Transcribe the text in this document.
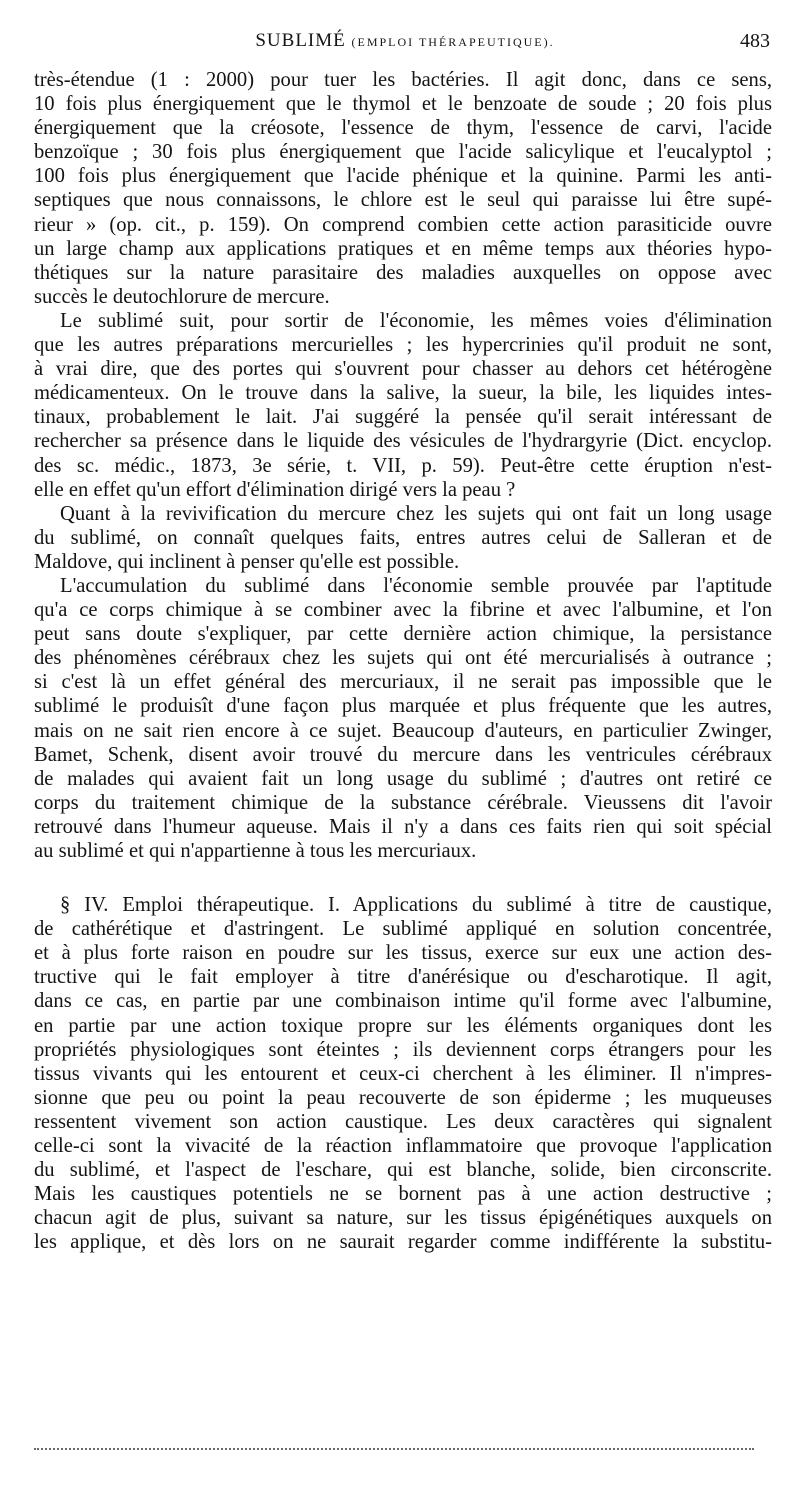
SUBLIMÉ (EMPLOI THÉRAPEUTIQUE).	483

très-étendue (1 : 2000) pour tuer les bactéries. Il agit donc, dans ce sens,
10 fois plus énergiquement que le thymol et le benzoate de soude ; 20 fois plus
énergiquement que la créosote, l'essence de thym, l'essence de carvi, l'acide
benzoïque ; 30 fois plus énergiquement que l'acide salicylique et l'eucalyptol ;
100 fois plus énergiquement que l'acide phénique et la quinine. Parmi les anti-
septiques que nous connaissons, le chlore est le seul qui paraisse lui être supé-
rieur » (op. cit., p. 159). On comprend combien cette action parasiticide ouvre
un large champ aux applications pratiques et en même temps aux théories hypo-
thétiques sur la nature parasitaire des maladies auxquelles on oppose avec
succès le deutochlorure de mercure.

Le sublimé suit, pour sortir de l'économie, les mêmes voies d'élimination
que les autres préparations mercurielles ; les hypercrinies qu'il produit ne sont,
à vrai dire, que des portes qui s'ouvrent pour chasser au dehors cet hétérogène
médicamenteux. On le trouve dans la salive, la sueur, la bile, les liquides intes-
tinaux, probablement le lait. J'ai suggéré la pensée qu'il serait intéressant de
rechercher sa présence dans le liquide des vésicules de l'hydrargyrie (Dict. encyclop.
des sc. médic., 1873, 3e série, t. VII, p. 59). Peut-être cette éruption n'est-
elle en effet qu'un effort d'élimination dirigé vers la peau ?

Quant à la revivification du mercure chez les sujets qui ont fait un long usage
du sublimé, on connaît quelques faits, entres autres celui de Salleran et de
Maldove, qui inclinent à penser qu'elle est possible.

L'accumulation du sublimé dans l'économie semble prouvée par l'aptitude
qu'a ce corps chimique à se combiner avec la fibrine et avec l'albumine, et l'on
peut sans doute s'expliquer, par cette dernière action chimique, la persistance
des phénomènes cérébraux chez les sujets qui ont été mercurialisés à outrance ;
si c'est là un effet général des mercuriaux, il ne serait pas impossible que le
sublimé le produisît d'une façon plus marquée et plus fréquente que les autres,
mais on ne sait rien encore à ce sujet. Beaucoup d'auteurs, en particulier Zwinger,
Bamet, Schenk, disent avoir trouvé du mercure dans les ventricules cérébraux
de malades qui avaient fait un long usage du sublimé ; d'autres ont retiré ce
corps du traitement chimique de la substance cérébrale. Vieussens dit l'avoir
retrouvé dans l'humeur aqueuse. Mais il n'y a dans ces faits rien qui soit spécial
au sublimé et qui n'appartienne à tous les mercuriaux.

§ IV. Emploi thérapeutique. I. Applications du sublimé à titre de caustique,
de cathérétique et d'astringent. Le sublimé appliqué en solution concentrée,
et à plus forte raison en poudre sur les tissus, exerce sur eux une action des-
tructive qui le fait employer à titre d'anérésique ou d'escharotique. Il agit,
dans ce cas, en partie par une combinaison intime qu'il forme avec l'albumine,
en partie par une action toxique propre sur les éléments organiques dont les
propriétés physiologiques sont éteintes ; ils deviennent corps étrangers pour les
tissus vivants qui les entourent et ceux-ci cherchent à les éliminer. Il n'impres-
sionne que peu ou point la peau recouverte de son épiderme ; les muqueuses
ressentent vivement son action caustique. Les deux caractères qui signalent
celle-ci sont la vivacité de la réaction inflammatoire que provoque l'application
du sublimé, et l'aspect de l'eschare, qui est blanche, solide, bien circonscrite.
Mais les caustiques potentiels ne se bornent pas à une action destructive ;
chacun agit de plus, suivant sa nature, sur les tissus épigénétiques auxquels on
les applique, et dès lors on ne saurait regarder comme indifférente la substitu-
